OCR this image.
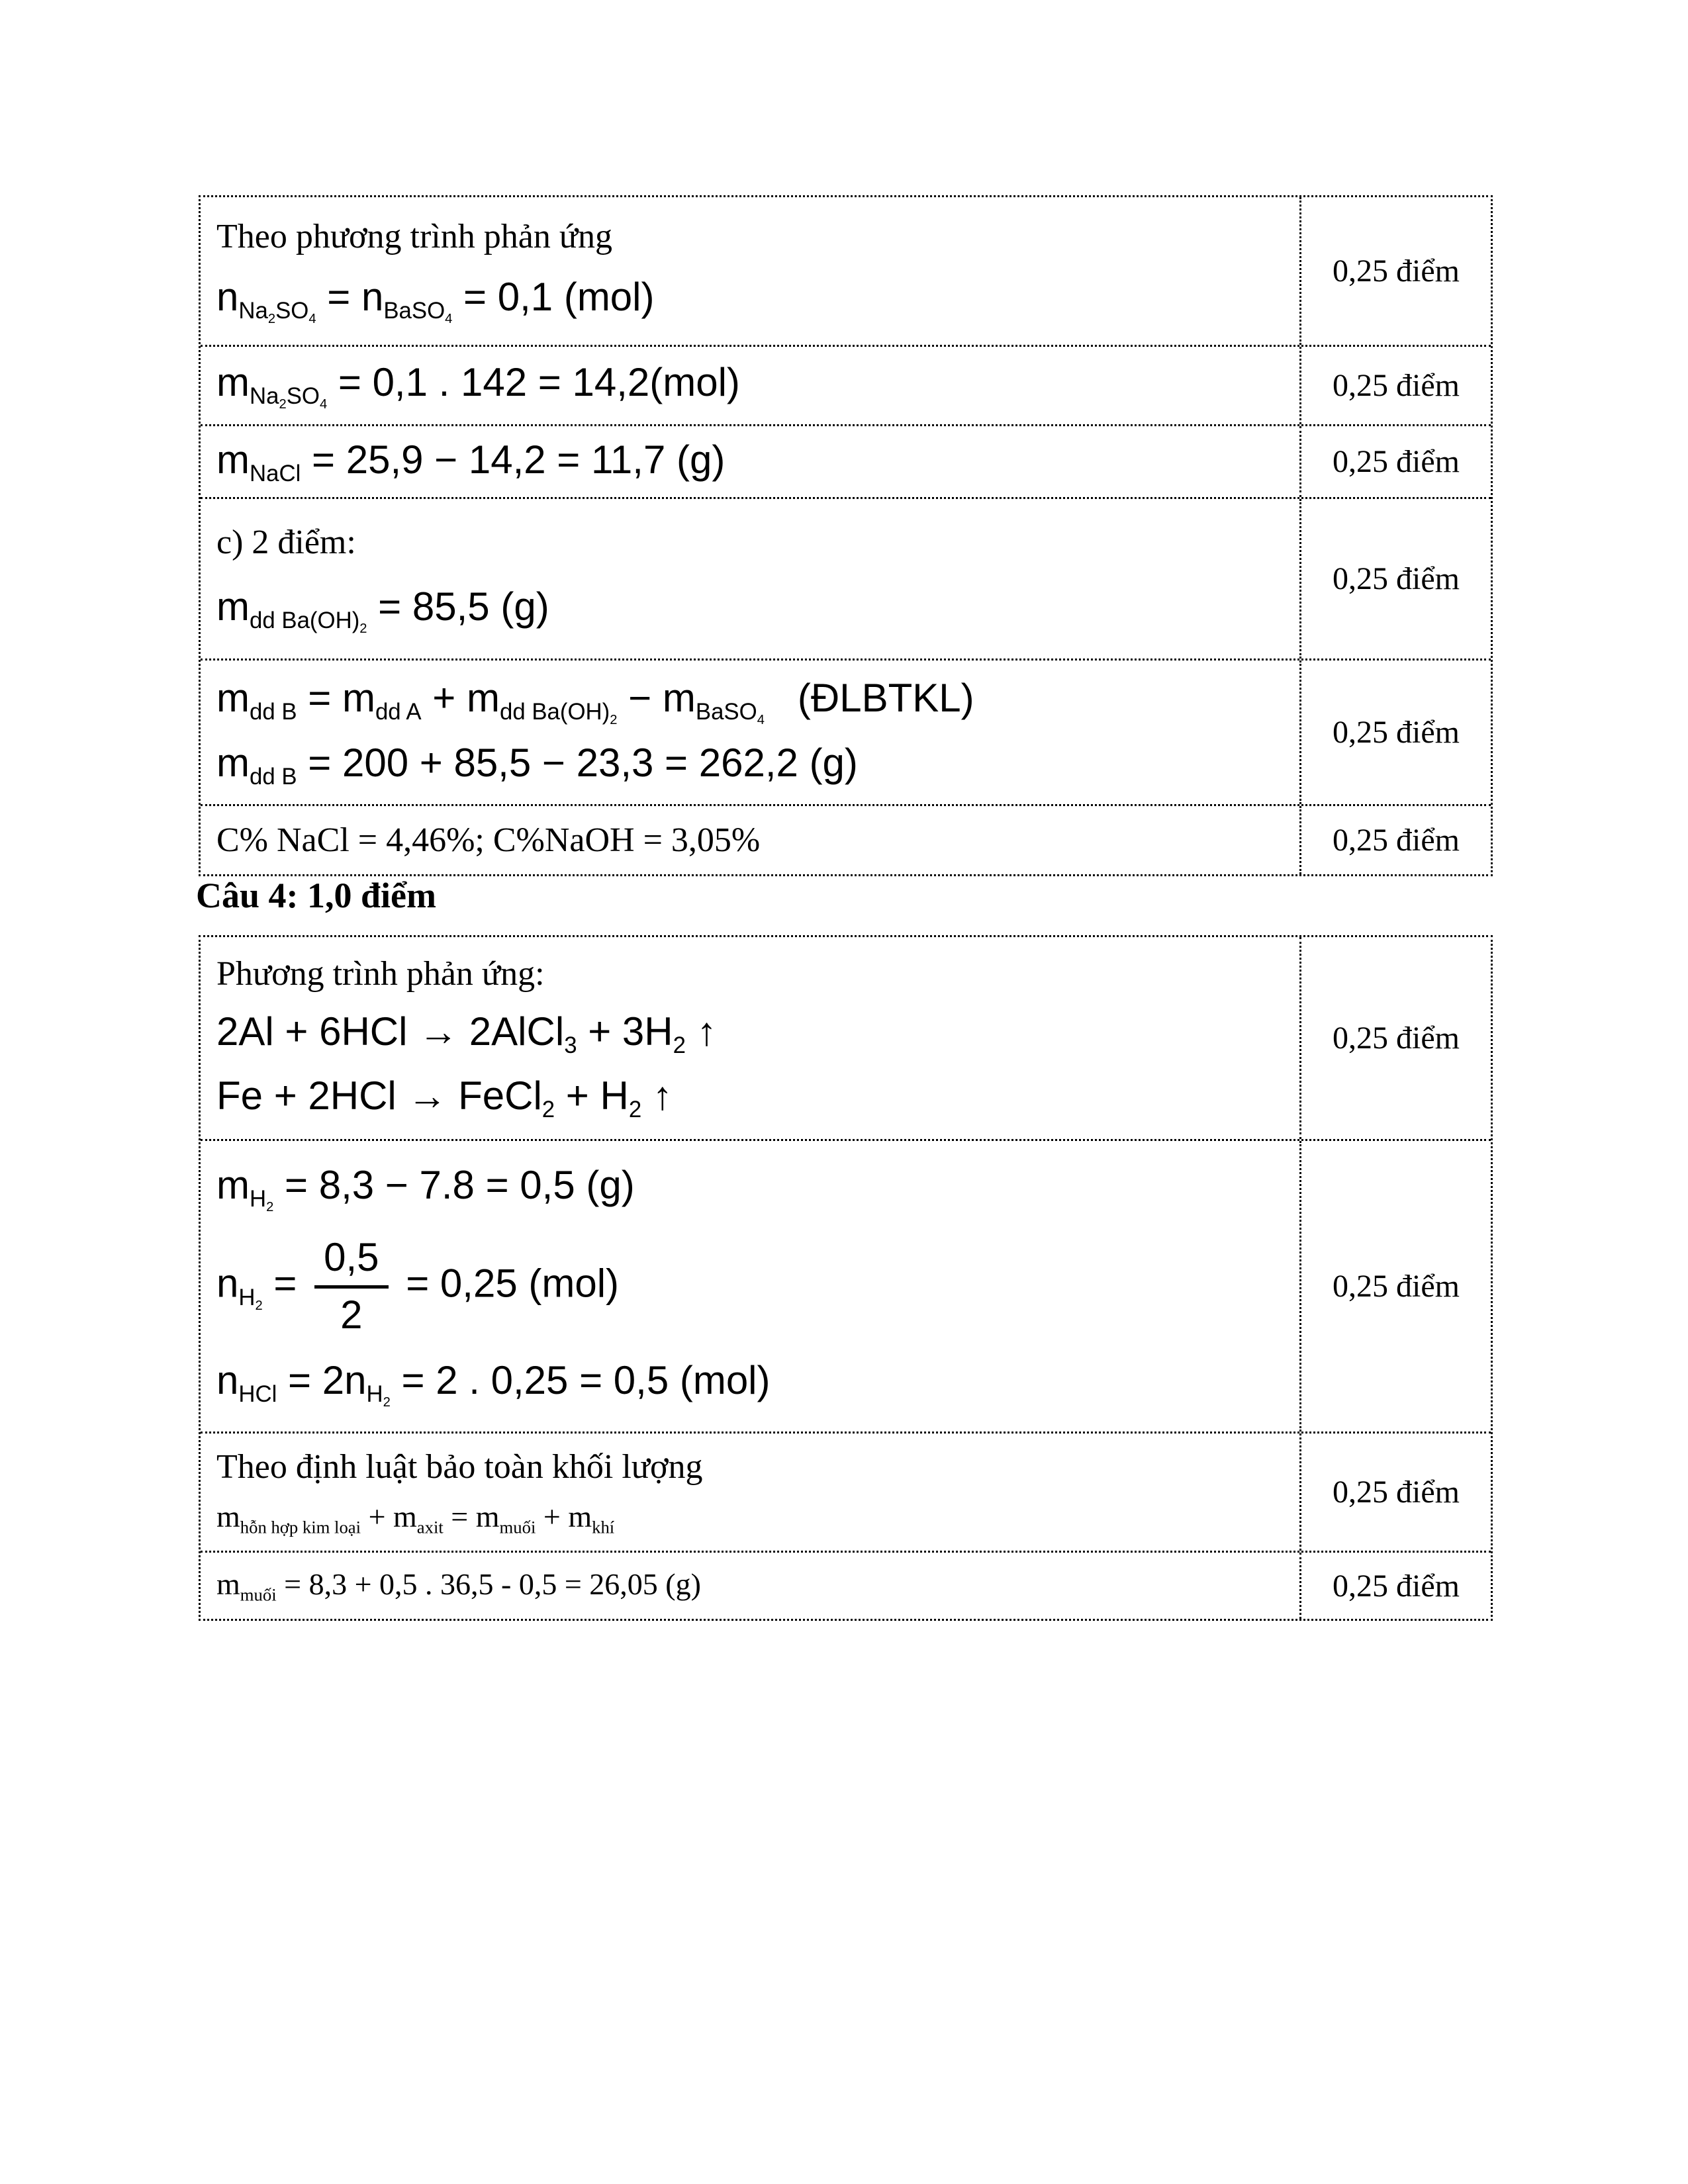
Theo phương trình phản ứng
$n_{Na_2SO_4} = n_{BaSO_4} = 0,1$ (mol)
0,25 điểm
$m_{Na_2SO_4} = 0,1$ . 142 = 14,2(mol)	0,25 điểm
$m_{NaCl} = 25,9 - 14,2 = 11,7$ (g)	0,25 điểm
c) 2 điểm:
$m_{dd Ba(OH)_2} = 85,5$ (g)
0,25 điểm
$m_{dd B} = m_{dd A} + m_{dd Ba(OH)_2} - m_{BaSO_4}$   (ĐLBTKL)
$m_{dd B} = 200 + 85,5 - 23,3 = 262,2$ (g)
0,25 điểm
C% NaCl = 4,46%; C%NaOH = 3,05%	0,25 điểm
Câu 4: 1,0 điểm
Phương trình phản ứng:
2Al + 6HCl → 2AlCl$_3$ + $3H_2$ ↑
Fe + 2HCl → FeCl$_2$ + $H_2$ ↑
0,25 điểm
$m_{H_2} = 8,3 - 7.8 = 0,5$ (g)
$n_{H_2} = \frac{0,5}{2} = 0,25$ (mol)
$n_{HCl} = 2n_{H_2} = 2$ . 0,25 = 0,5 (mol)
0,25 điểm
Theo định luật bảo toàn khối lượng
$m_{hỗn hợp kim loại} + m_{axit} = m_{muối} + m_{khí}$
0,25 điểm
$m_{muối} = 8,3 + 0,5$ . 36,5 - 0,5 = 26,05 (g)	0,25 điểm
